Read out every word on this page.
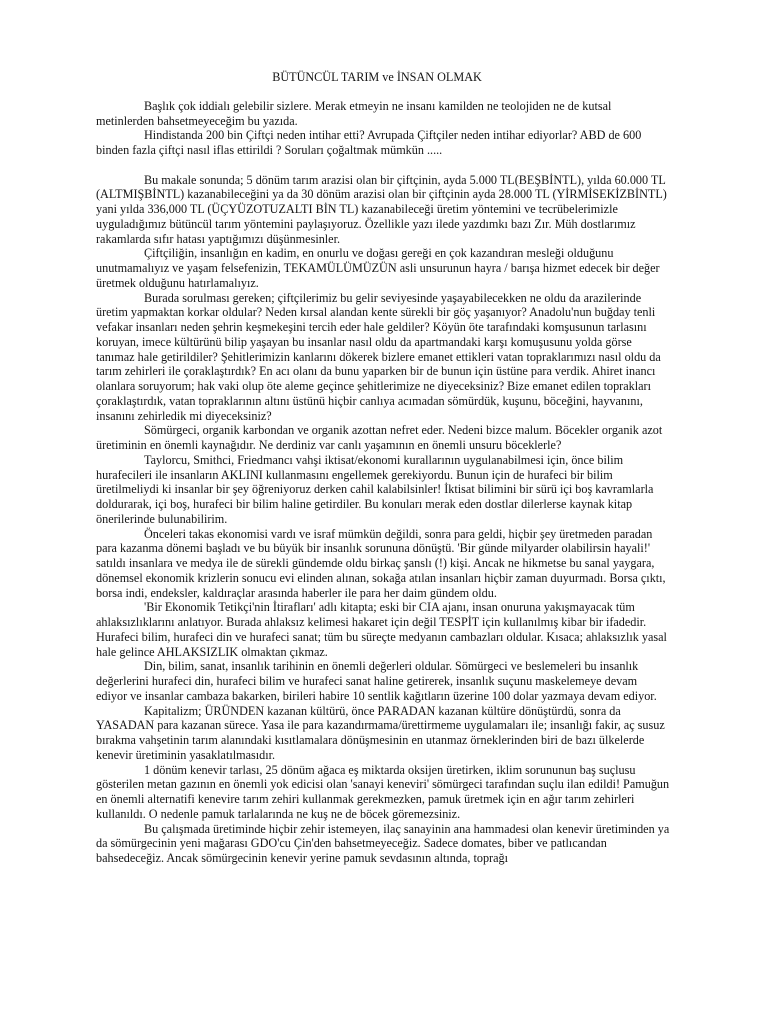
BÜTÜNCÜL TARIM ve İNSAN OLMAK

Başlık çok iddialı gelebilir sizlere. Merak etmeyin ne insanı kamilden ne teolojiden ne de kutsal metinlerden bahsetmeyeceğim bu yazıda.

Hindistanda 200 bin Çiftçi neden intihar etti? Avrupada Çiftçiler neden intihar ediyorlar? ABD de 600 binden fazla çiftçi nasıl iflas ettirildi ? Soruları çoğaltmak mümkün .....

Bu makale sonunda; 5 dönüm tarım arazisi olan bir çiftçinin, ayda 5.000 TL(BEŞBİNTL), yılda 60.000 TL (ALTMIŞBİNTL) kazanabileceğini ya da 30 dönüm arazisi olan bir çiftçinin ayda 28.000 TL (YİRMİSEKİZBİNTL) yani yılda 336,000 TL (ÜÇYÜZOTUZALTI BİN TL) kazanabileceği üretim yöntemini ve tecrübelerimizle uyguladığımız bütüncül tarım yöntemini paylaşıyoruz. Özellikle yazı ilede yazdımkı bazı Zır. Müh dostlarımız rakamlarda sıfır hatası yaptığımızı düşünmesinler.

Çiftçiliğin, insanlığın en kadim, en onurlu ve doğası gereği en çok kazandıran mesleği olduğunu unutmamalıyız ve yaşam felsefenizin, TEKAMÜLÜMÜZÜN asli unsurunun hayra / barışa hizmet edecek bir değer üretmek olduğunu hatırlamalıyız.

Burada sorulması gereken; çiftçilerimiz bu gelir seviyesinde yaşayabilecekken ne oldu da arazilerinde üretim yapmaktan korkar oldular? Neden kırsal alandan kente sürekli bir göç yaşanıyor? Anadolu'nun buğday tenli vefakar insanları neden şehrin keşmekeşini tercih eder hale geldiler? Köyün öte tarafındaki komşusunun tarlasını koruyan, imece kültürünü bilip yaşayan bu insanlar nasıl oldu da apartmandaki karşı komuşusunu yolda görse tanımaz hale getirildiler? Şehitlerimizin kanlarını dökerek bizlere emanet ettikleri vatan topraklarımızı nasıl oldu da tarım zehirleri ile çoraklaştırdık? En acı olanı da bunu yaparken bir de bunun için üstüne para verdik. Ahiret inancı olanlara soruyorum; hak vaki olup öte aleme geçince şehitlerimize ne diyeceksiniz? Bize emanet edilen toprakları çoraklaştırdık, vatan topraklarının altını üstünü hiçbir canlıya acımadan sömürdük, kuşunu, böceğini, hayvanını, insanını zehirledik mi diyeceksiniz?

Sömürgeci, organik karbondan ve organik azottan nefret eder. Nedeni bizce malum. Böcekler organik azot üretiminin en önemli kaynağıdır. Ne derdiniz var canlı yaşamının en önemli unsuru böceklerle?

Taylorcu, Smithci, Friedmancı vahşi iktisat/ekonomi kurallarının uygulanabilmesi için, önce bilim hurafecileri ile insanların AKLINI kullanmasını engellemek gerekiyordu. Bunun için de hurafeci bir bilim üretilmeliydi ki insanlar bir şey öğreniyoruz derken cahil kalabilsinler! İktisat bilimini bir sürü içi boş kavramlarla doldurarak, içi boş, hurafeci bir bilim haline getirdiler. Bu konuları merak eden dostlar dilerlerse kaynak kitap önerilerinde bulunabilirim.

Önceleri takas ekonomisi vardı ve israf mümkün değildi, sonra para geldi, hiçbir şey üretmeden paradan para kazanma dönemi başladı ve bu büyük bir insanlık sorununa dönüştü. 'Bir günde milyarder olabilirsin hayali!' satıldı insanlara ve medya ile de sürekli gündemde oldu birkaç şanslı (!) kişi. Ancak ne hikmetse bu sanal yaygara, dönemsel ekonomik krizlerin sonucu evi elinden alınan, sokağa atılan insanları hiçbir zaman duyurmadı. Borsa çıktı, borsa indi, endeksler, kaldıraçlar arasında haberler ile para her daim gündem oldu.

'Bir Ekonomik Tetikçi'nin İtirafları' adlı kitapta; eski bir CIA ajanı, insan onuruna yakışmayacak tüm ahlaksızlıklarını anlatıyor. Burada ahlaksız kelimesi hakaret için değil TESPİT için kullanılmış kibar bir ifadedir. Hurafeci bilim, hurafeci din ve hurafeci sanat; tüm bu süreçte medyanın cambazları oldular. Kısaca; ahlaksızlık yasal hale gelince AHLAKSIZLIK olmaktan çıkmaz.

Din, bilim, sanat, insanlık tarihinin en önemli değerleri oldular. Sömürgeci ve beslemeleri bu insanlık değerlerini hurafeci din, hurafeci bilim ve hurafeci sanat haline getirerek, insanlık suçunu maskelemeye devam ediyor ve insanlar cambaza bakarken, birileri habire 10 sentlik kağıtların üzerine 100 dolar yazmaya devam ediyor.

Kapitalizm; ÜRÜNDEN kazanan kültürü, önce PARADAN kazanan kültüre dönüştürdü, sonra da YASADAN para kazanan sürece. Yasa ile para kazandırmama/ürettirmeme uygulamaları ile; insanlığı fakir, aç susuz bırakma vahşetinin tarım alanındaki kısıtlamalara dönüşmesinin en utanmaz örneklerinden biri de bazı ülkelerde kenevir üretiminin yasaklatılmasıdır.

1 dönüm kenevir tarlası, 25 dönüm ağaca eş miktarda oksijen üretirken, iklim sorununun baş suçlusu gösterilen metan gazının en önemli yok edicisi olan 'sanayi keneviri' sömürgeci tarafından suçlu ilan edildi! Pamuğun en önemli alternatifi kenevire tarım zehiri kullanmak gerekmezken, pamuk üretmek için en ağır tarım zehirleri kullanıldı. O nedenle pamuk tarlalarında ne kuş ne de böcek göremezsiniz.

Bu çalışmada üretiminde hiçbir zehir istemeyen, ilaç sanayinin ana hammadesi olan kenevir üretiminden ya da sömürgecinin yeni mağarası GDO'cu Çin'den bahsetmeyeceğiz. Sadece domates, biber ve patlıcandan bahsedeceğiz. Ancak sömürgecinin kenevir yerine pamuk sevdasının altında, toprağı
